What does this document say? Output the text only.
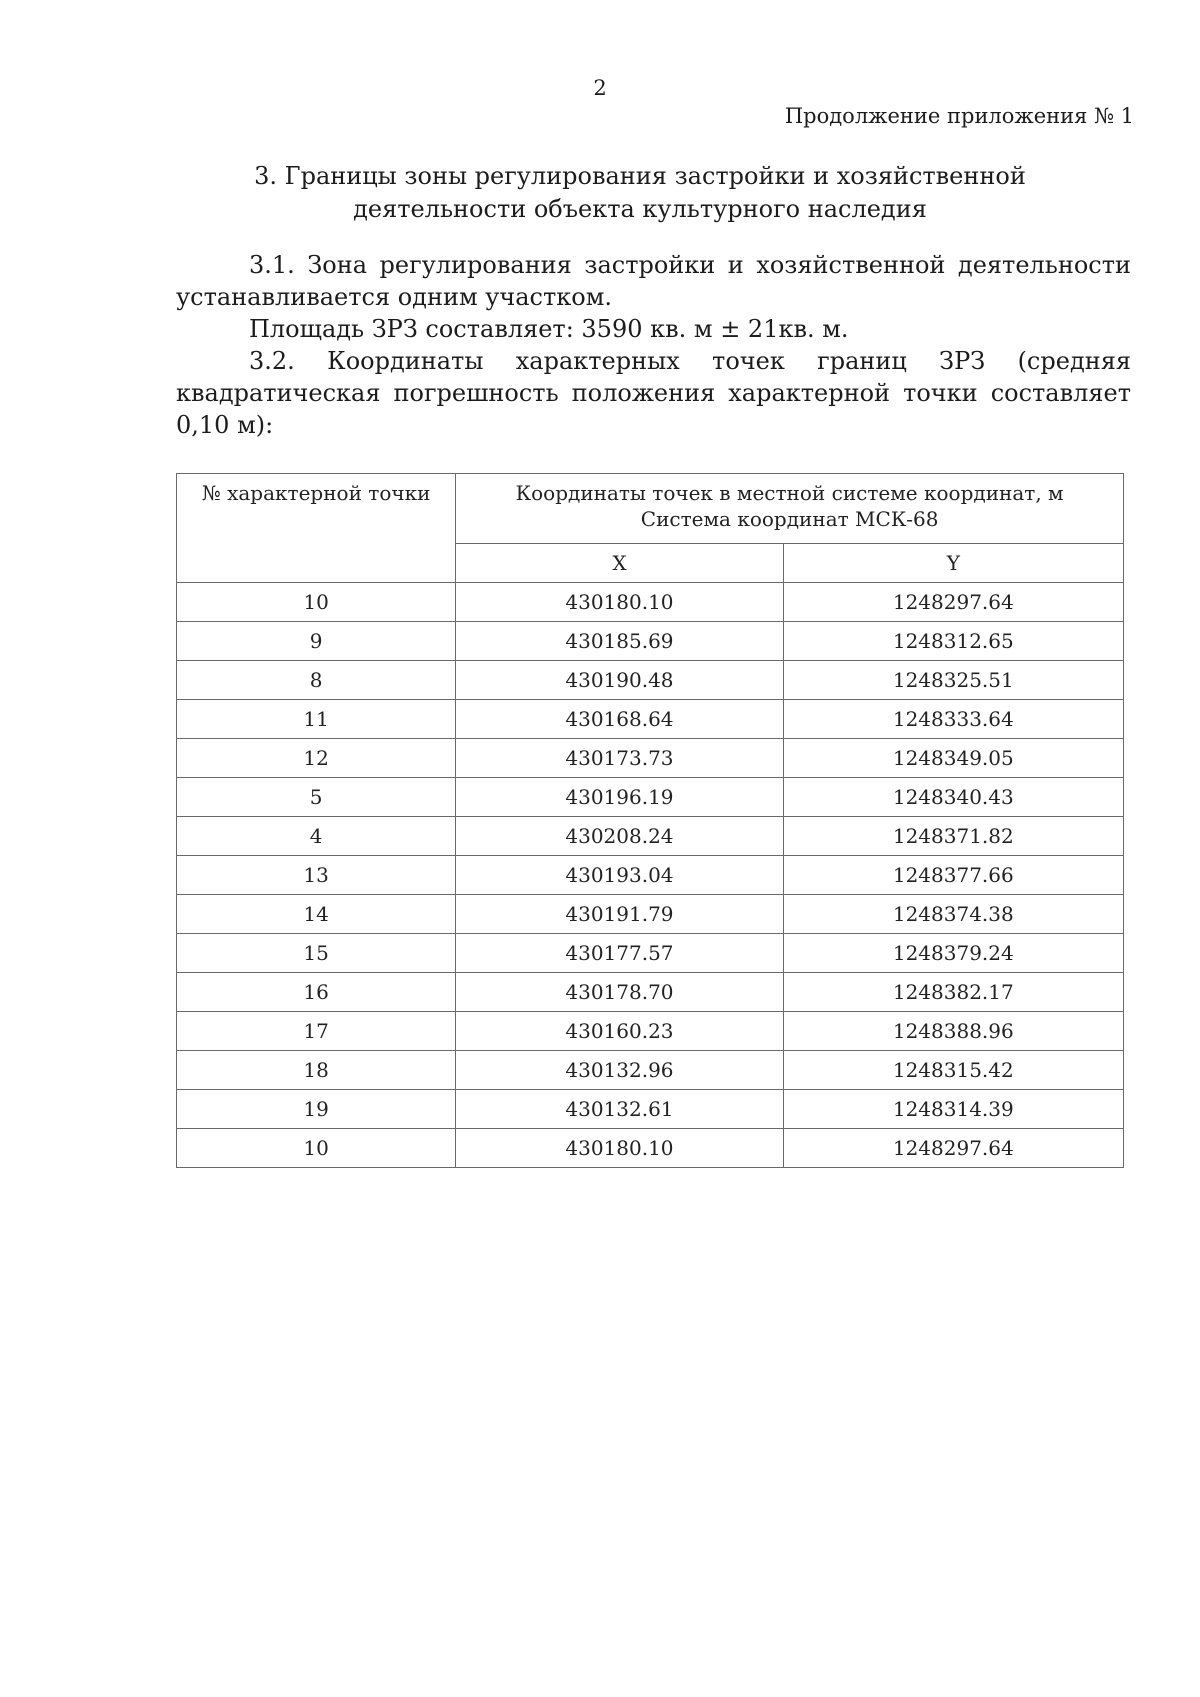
2
Продолжение приложения № 1
3. Границы зоны регулирования застройки и хозяйственной
деятельности объекта культурного наследия

3.1. Зона регулирования застройки и хозяйственной деятельности устанавливается одним участком.

Площадь ЗРЗ составляет: 3590 кв. м ± 21кв. м.

3.2. Координаты характерных точек границ ЗРЗ (средняя квадратическая погрешность положения характерной точки составляет 0,10 м):

№ характерной точки	Координаты точек в местной системе координат, м
Система координат МСК-68	

	X	Y
10	430180.10	1248297.64
9	430185.69	1248312.65
8	430190.48	1248325.51
11	430168.64	1248333.64
12	430173.73	1248349.05
5	430196.19	1248340.43
4	430208.24	1248371.82
13	430193.04	1248377.66
14	430191.79	1248374.38
15	430177.57	1248379.24
16	430178.70	1248382.17
17	430160.23	1248388.96
18	430132.96	1248315.42
19	430132.61	1248314.39
10	430180.10	1248297.64
